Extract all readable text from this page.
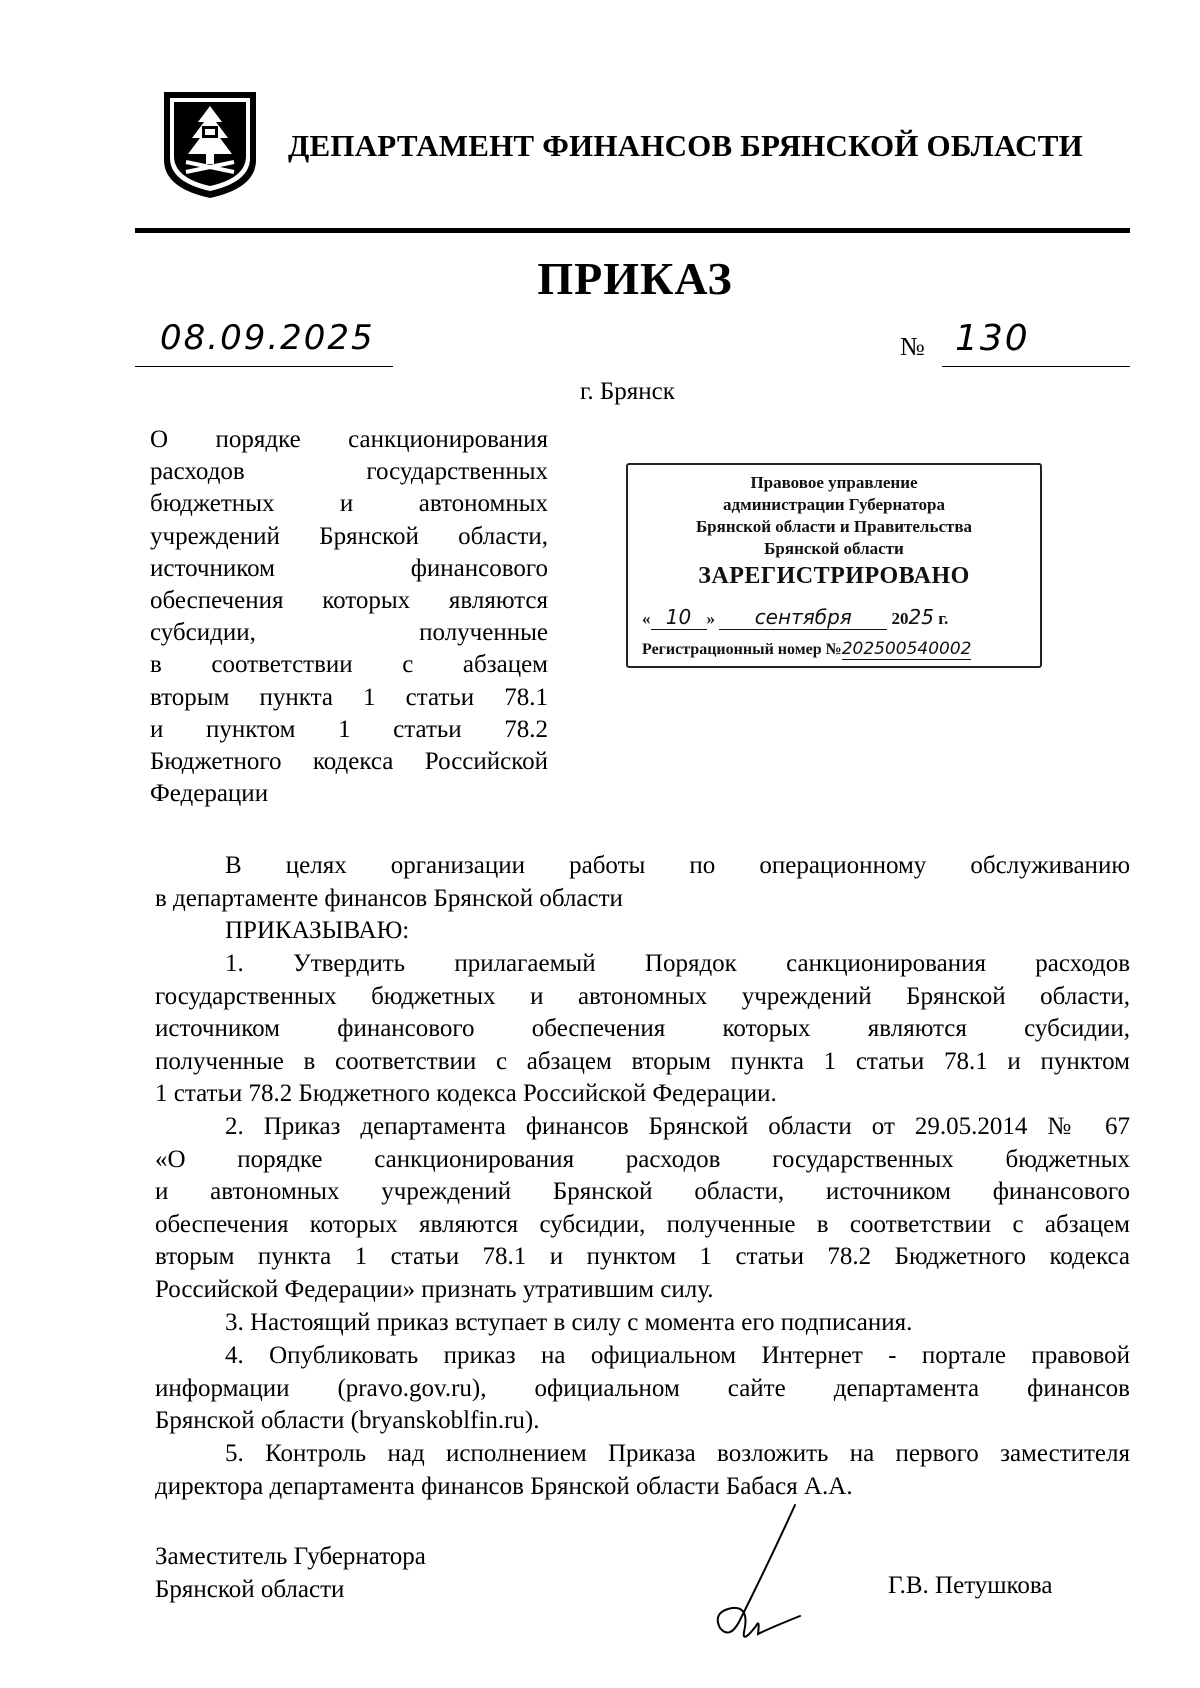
ДЕПАРТАМЕНТ ФИНАНСОВ БРЯНСКОЙ ОБЛАСТИ
ПРИКАЗ
08.09.2025	№ 130
г. Брянск
О порядке санкционирования
расходов государственных
бюджетных и автономных
учреждений Брянской области,
источником финансового
обеспечения которых являются
субсидии, полученные
в соответствии с абзацем
вторым пункта 1 статьи 78.1
и пунктом 1 статьи 78.2
Бюджетного кодекса Российской
Федерации
Правовое управление
администрации Губернатора
Брянской области и Правительства
Брянской области
ЗАРЕГИСТРИРОВАНО
« 10 » сентября 2025 г.
Регистрационный номер №202500540002
В целях организации работы по операционному обслуживанию
в департаменте финансов Брянской области
ПРИКАЗЫВАЮ:
1. Утвердить прилагаемый Порядок санкционирования расходов
государственных бюджетных и автономных учреждений Брянской области,
источником финансового обеспечения которых являются субсидии,
полученные в соответствии с абзацем вторым пункта 1 статьи 78.1 и пунктом
1 статьи 78.2 Бюджетного кодекса Российской Федерации.
2. Приказ департамента финансов Брянской области от 29.05.2014 № 67
«О порядке санкционирования расходов государственных бюджетных
и автономных учреждений Брянской области, источником финансового
обеспечения которых являются субсидии, полученные в соответствии с абзацем
вторым пункта 1 статьи 78.1 и пунктом 1 статьи 78.2 Бюджетного кодекса
Российской Федерации» признать утратившим силу.
3. Настоящий приказ вступает в силу с момента его подписания.
4. Опубликовать приказ на официальном Интернет - портале правовой
информации (pravo.gov.ru), официальном сайте департамента финансов
Брянской области (bryanskoblfin.ru).
5. Контроль над исполнением Приказа возложить на первого заместителя
директора департамента финансов Брянской области Бабася А.А.
Заместитель Губернатора
Брянской области	Г.В. Петушкова
